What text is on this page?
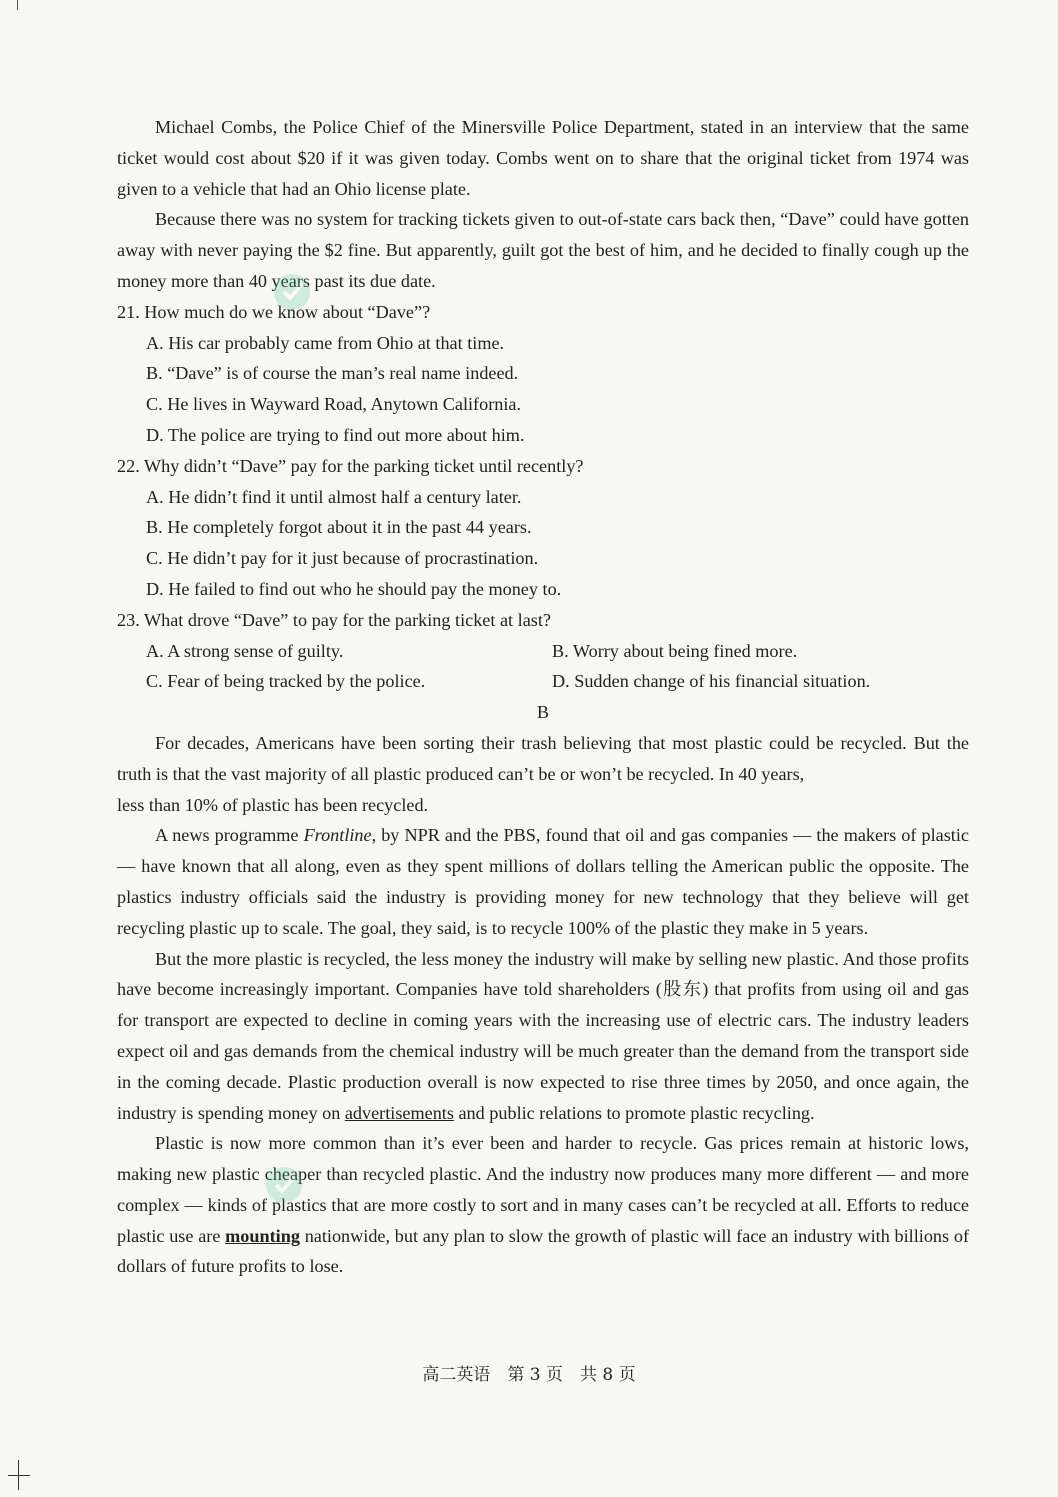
Michael Combs, the Police Chief of the Minersville Police Department, stated in an interview that the same ticket would cost about $20 if it was given today. Combs went on to share that the original ticket from 1974 was given to a vehicle that had an Ohio license plate.

Because there was no system for tracking tickets given to out-of-state cars back then, “Dave” could have gotten away with never paying the $2 fine. But apparently, guilt got the best of him, and he decided to finally cough up the money more than 40 years past its due date.

21. How much do we know about “Dave”?

A. His car probably came from Ohio at that time.

B. “Dave” is of course the man’s real name indeed.

C. He lives in Wayward Road, Anytown California.

D. The police are trying to find out more about him.

22. Why didn’t “Dave” pay for the parking ticket until recently?

A. He didn’t find it until almost half a century later.

B. He completely forgot about it in the past 44 years.

C. He didn’t pay for it just because of procrastination.

D. He failed to find out who he should pay the money to.

23. What drove “Dave” to pay for the parking ticket at last?

A. A strong sense of guilty.	B. Worry about being fined more.
C. Fear of being tracked by the police.	D. Sudden change of his financial situation.

B

For decades, Americans have been sorting their trash believing that most plastic could be recycled. But the truth is that the vast majority of all plastic produced can’t be or won’t be recycled. In 40 years,
less than 10% of plastic has been recycled.

A news programme Frontline, by NPR and the PBS, found that oil and gas companies — the makers of plastic — have known that all along, even as they spent millions of dollars telling the American public the opposite. The plastics industry officials said the industry is providing money for new technology that they believe will get recycling plastic up to scale. The goal, they said, is to recycle 100% of the plastic they make in 5 years.

But the more plastic is recycled, the less money the industry will make by selling new plastic. And those profits have become increasingly important. Companies have told shareholders (股东) that profits from using oil and gas for transport are expected to decline in coming years with the increasing use of electric cars. The industry leaders expect oil and gas demands from the chemical industry will be much greater than the demand from the transport side in the coming decade. Plastic production overall is now expected to rise three times by 2050, and once again, the industry is spending money on advertisements and public relations to promote plastic recycling.

Plastic is now more common than it’s ever been and harder to recycle. Gas prices remain at historic lows, making new plastic cheaper than recycled plastic. And the industry now produces many more different — and more complex — kinds of plastics that are more costly to sort and in many cases can’t be recycled at all. Efforts to reduce plastic use are mounting nationwide, but any plan to slow the growth of plastic will face an industry with billions of dollars of future profits to lose.

高二英语　第 3 页　共 8 页
